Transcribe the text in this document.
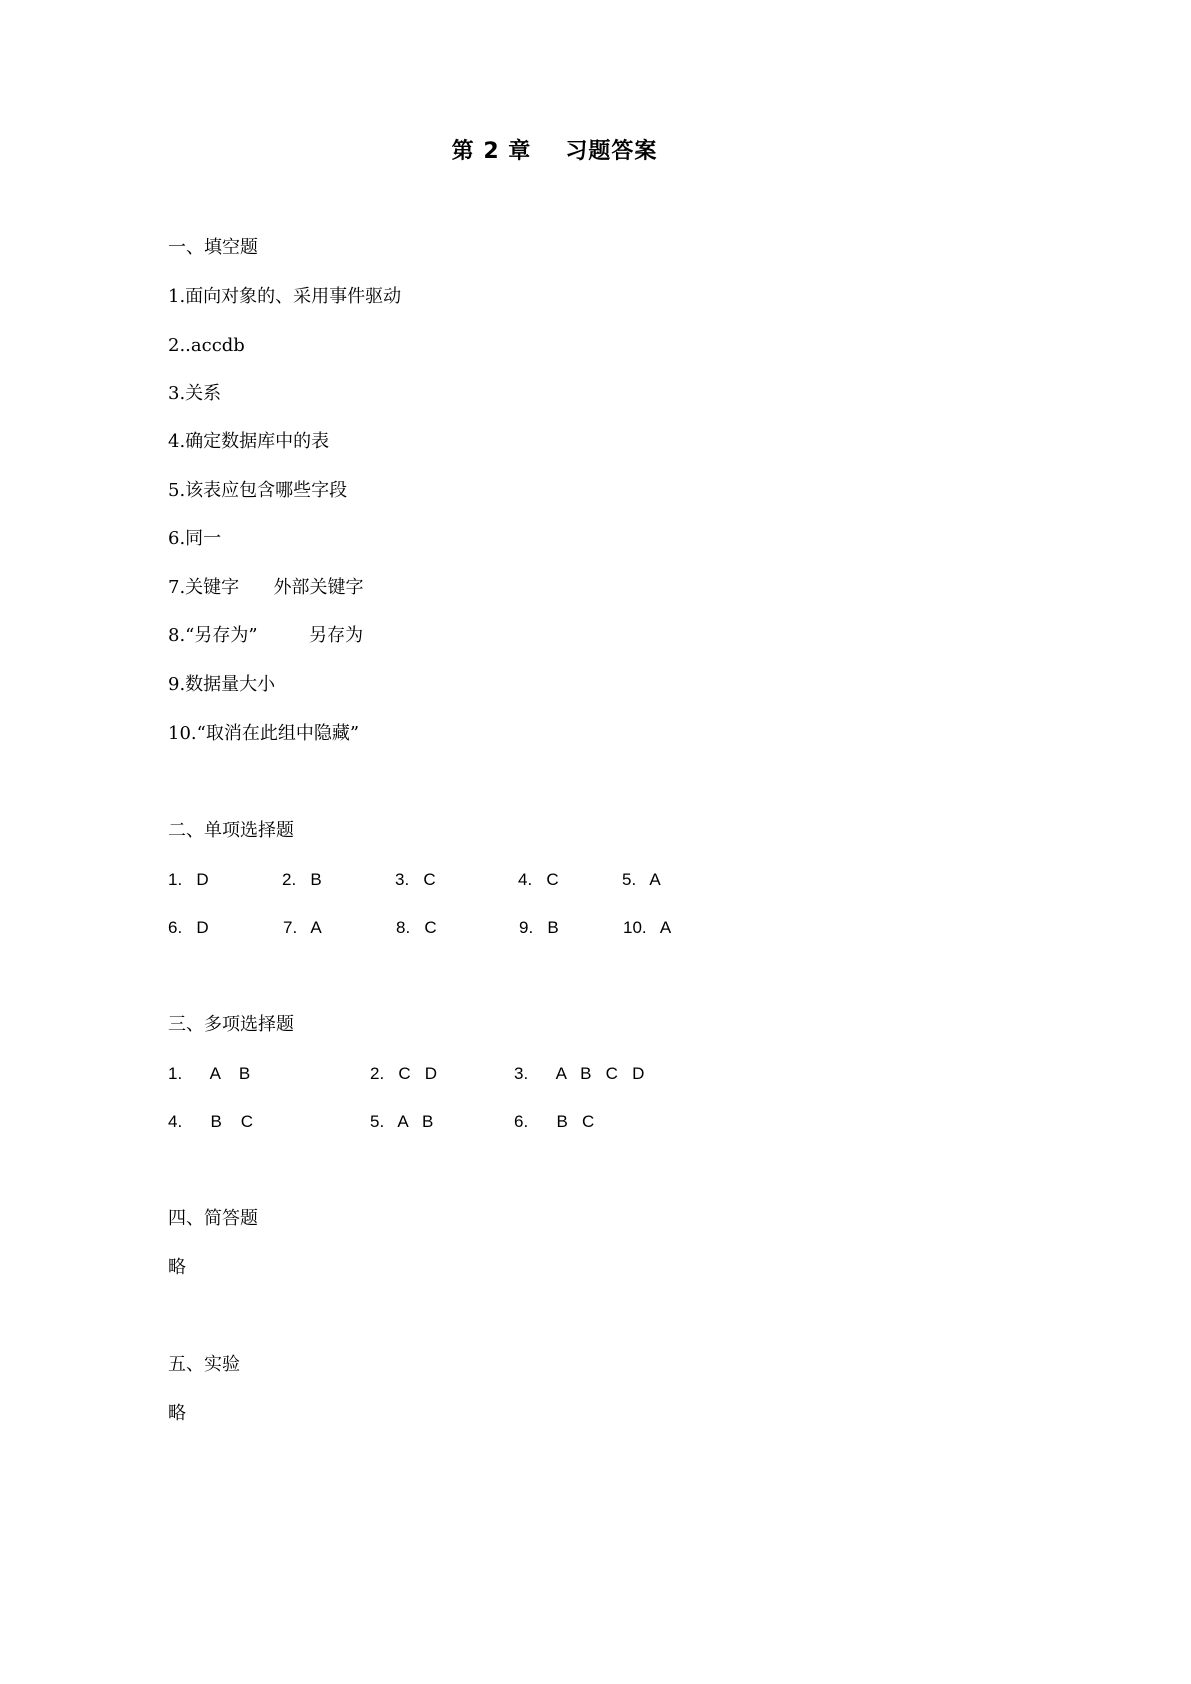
第 2 章 习题答案
一、填空题
1.面向对象的、采用事件驱动
2..accdb
3.关系
4.确定数据库中的表
5.该表应包含哪些字段
6.同一
7.关键字      外部关键字
8.“另存为”         另存为
9.数据量大小
10.“取消在此组中隐藏”
二、单项选择题
1.   D	2.   B	3.   C	4.   C	5.   A
6.   D	7.   A	8.   C	9.   B	10.   A
三、多项选择题
1.      A    B	2.   C   D	3.      A   B   C   D
4.      B    C	5.   A   B	6.      B   C
四、简答题
略
五、实验
略
